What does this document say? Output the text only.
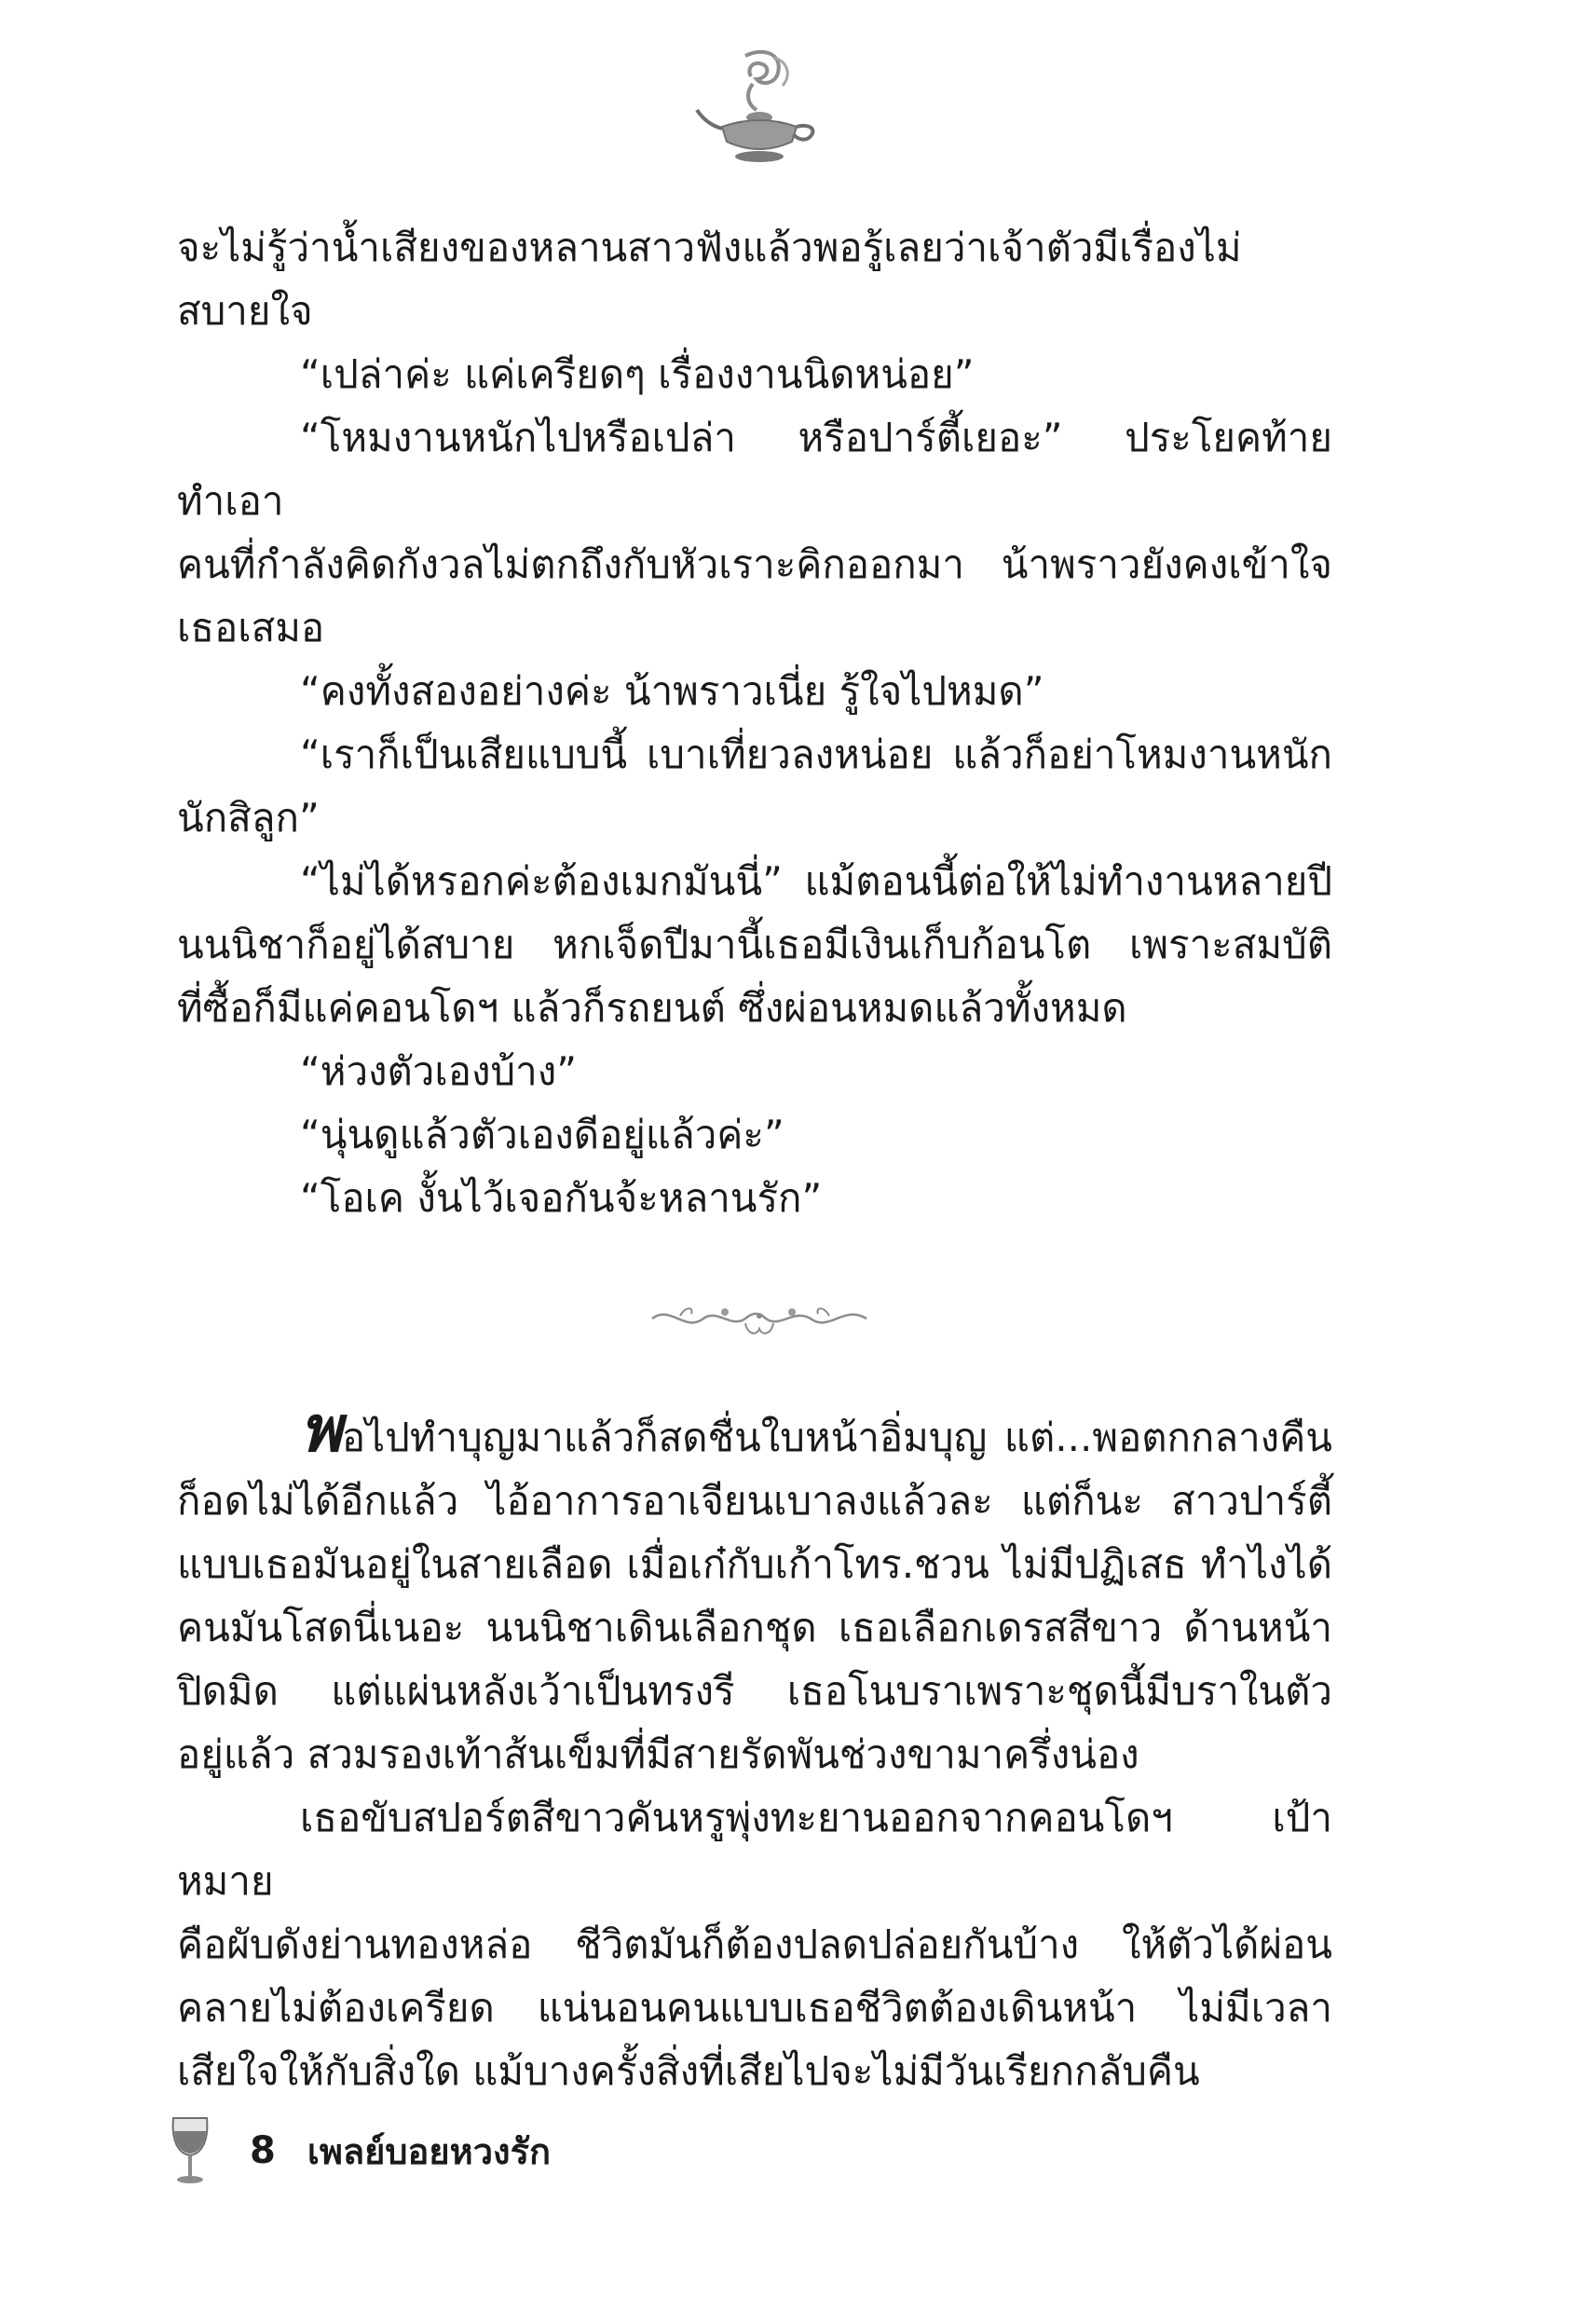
จะไม่รู้ว่าน้ำเสียงของหลานสาวฟังแล้วพอรู้เลยว่าเจ้าตัวมีเรื่องไม่สบายใจ

“เปล่าค่ะ แค่เครียดๆ เรื่องงานนิดหน่อย”

“โหมงานหนักไปหรือเปล่า หรือปาร์ตี้เยอะ” ประโยคท้ายทำเอา

คนที่กำลังคิดกังวลไม่ตกถึงกับหัวเราะคิกออกมา น้าพราวยังคงเข้าใจ

เธอเสมอ

“คงทั้งสองอย่างค่ะ น้าพราวเนี่ย รู้ใจไปหมด”

“เราก็เป็นเสียแบบนี้ เบาเที่ยวลงหน่อย แล้วก็อย่าโหมงานหนัก

นักสิลูก”

“ไม่ได้หรอกค่ะต้องเมกมันนี่” แม้ตอนนี้ต่อให้ไม่ทำงานหลายปี

นนนิชาก็อยู่ได้สบาย หกเจ็ดปีมานี้เธอมีเงินเก็บก้อนโต เพราะสมบัติ

ที่ซื้อก็มีแค่คอนโดฯ แล้วก็รถยนต์ ซึ่งผ่อนหมดแล้วทั้งหมด

“ห่วงตัวเองบ้าง”

“นุ่นดูแล้วตัวเองดีอยู่แล้วค่ะ”

“โอเค งั้นไว้เจอกันจ้ะหลานรัก”

พอไปทำบุญมาแล้วก็สดชื่นใบหน้าอิ่มบุญ แต่...พอตกกลางคืน

ก็อดไม่ได้อีกแล้ว ไอ้อาการอาเจียนเบาลงแล้วละ แต่ก็นะ สาวปาร์ตี้

แบบเธอมันอยู่ในสายเลือด เมื่อเก๋กับเก้าโทร.ชวน ไม่มีปฏิเสธ ทำไงได้

คนมันโสดนี่เนอะ นนนิชาเดินเลือกชุด เธอเลือกเดรสสีขาว ด้านหน้า

ปิดมิด แต่แผ่นหลังเว้าเป็นทรงรี เธอโนบราเพราะชุดนี้มีบราในตัว

อยู่แล้ว สวมรองเท้าส้นเข็มที่มีสายรัดพันช่วงขามาครึ่งน่อง

เธอขับสปอร์ตสีขาวคันหรูพุ่งทะยานออกจากคอนโดฯ เป้าหมาย

คือผับดังย่านทองหล่อ ชีวิตมันก็ต้องปลดปล่อยกันบ้าง ให้ตัวได้ผ่อน

คลายไม่ต้องเครียด แน่นอนคนแบบเธอชีวิตต้องเดินหน้า ไม่มีเวลา

เสียใจให้กับสิ่งใด แม้บางครั้งสิ่งที่เสียไปจะไม่มีวันเรียกกลับคืน

8 เพลย์บอยหวงรัก
